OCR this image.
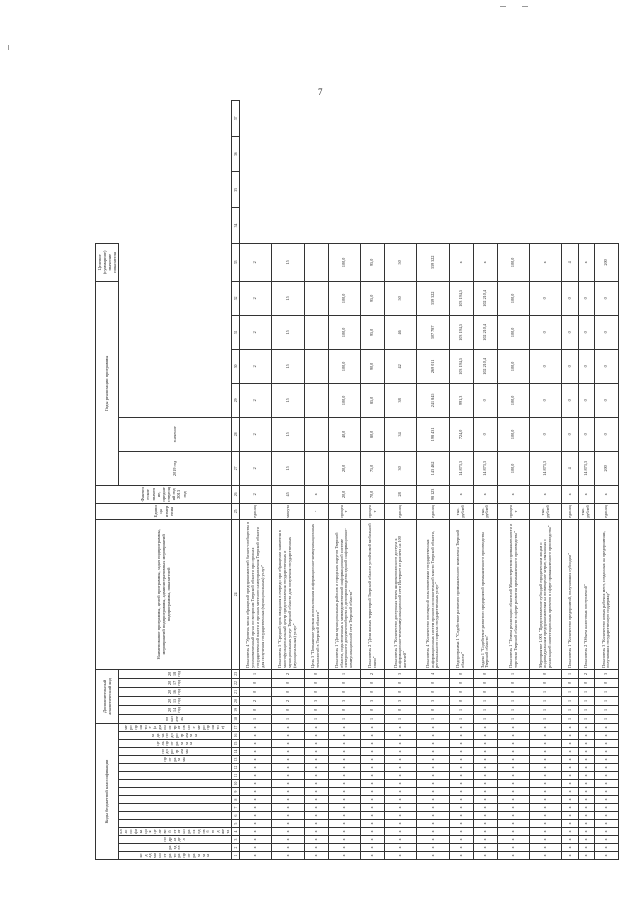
7
Коды бюджетной классификации																	Дополнительный аналитический код						Наименование программы, целей программы, задач подпрограммы, мероприятий подпрограммы, административных мероприятий подпрограммы, показателей	Единица измерения	Фактическое значение, предшествующий год 2013 год	Годы реализации программы						Целевое (суммарное) значение показателя				
код администратора программы	раздел	подраздел	классификация целевой статьи расходов бюджета									программа	подпрограмма	цель программы	задача подпрограммы	мероприятие (административное мероприятие)	показатель	2014 год	2015 год	2016 год	2017 год	2018 год				2019 год	значение									
1	2	3	4	5	6	7	8	9	10	11	12	13	14	15	16	17	18	19	20	21	22	23	24	25	26	27	28	29	30	31	32	33	34	35	36	37
x	x	x	x	x	x	x	x	x	x	x	x	x	x	x	x	x	1	0	2	0	0	1	Показатель 4 "Уровень числа обращений предпринимателей бизнес-сообщества в уполномоченный орган по вопросам Тверской области при органах государственной власти и органах местного самоуправления Тверской области для получения государственных (муниципальных) услуг"	единиц	2	2	2	2	2	2	2	2				
x	x	x	x	x	x	x	x	x	x	x	x	x	x	x	x	x	1	0	2	0	0	2	Показатель 5 "Средний срок ожидания в очереди при обращении заявителя в многофункциональный центр предоставления государственных и муниципальных услуг Тверской области для получения государственных (муниципальных) услуг"	минута	45	15	15	15	15	15	15	15				
x	x	x	x	x	x	x	x	x	x	x	x	x	x	x	x	x	1	0	3	0	0	0	Цель 3 "Повышение уровня использования информационно-коммуникационных технологий в Тверской области"	-	x											
x	x	x	x	x	x	x	x	x	x	x	x	x	x	x	x	x	1	0	3	0	0	1	Показатель 1 "Доля муниципальных районов и городских округов Тверской области, подключенных к межведомственной информационной системе электронного документооборота и делопроизводства единой информационно-коммуникационной сети Тверской области"	процент	20,0	20,0	40,0	100,0	100,0	100,0	100,0	100,0				
x	x	x	x	x	x	x	x	x	x	x	x	x	x	x	x	x	1	0	3	0	0	2	Показатель 2 "Доля жилых территорий Тверской области устойчивой мобильной связи"	процент	70,0	75,0	80,0	85,0	90,0	95,0	95,0	95,0				
x	x	x	x	x	x	x	x	x	x	x	x	x	x	x	x	x	1	0	3	0	0	3	Показатель 3 "Количество доступных точек широкополосного доступа к информационно-телекоммуникационной сети Интернет из расчета на 100 жителей"	единиц	28	30	34	38	42	46	50	50				
x	x	x	x	x	x	x	x	x	x	x	x	x	x	x	x	x	1	0	3	0	0	4	Показатель 4 "Количество посещений пользователями государственных информационных систем органов исполнительной власти Тверской области, регионального портала государственных услуг"	единиц	98 123	143 462	198 431	241 845	269 011	307 787	339 322	339 322				
x	x	x	x	x	x	x	x	x	x	x	x	x	x	x	x	x	1	1	0	0	0	0	Подпрограмма 1 "Содействие развитию промышленного комплекса Тверской области"	тыс. рублей	x	14 873,3	724,0	991,3	103 194,5	103 194,5	103 194,5	x				
x	x	x	x	x	x	x	x	x	x	x	x	x	x	x	x	x	1	1	1	0	0	0	Задача 1 "Содействие развитию предприятий промышленного производства Тверской области"	тыс. рублей	x	14 873,3	0	0	102 210,4	102 210,4	102 210,4	x				
x	x	x	x	x	x	x	x	x	x	x	x	x	x	x	x	x	1	1	1	0	0	1	Показатель 1 "Темпы реализации областной Министерством промышленности и торговли Тверской области в сфере развития промышленного производства"	процент	x	100,0	100,0	100,0	100,0	100,0	100,0	100,0				
x	x	x	x	x	x	x	x	x	x	x	x	x	x	x	x	x	1	1	1	1	0	0	Мероприятие 1.001 "Предоставление субсидий юридическим лицам и индивидуальным предпринимателям на возмещение затрат, связанных с реализацией инвестиционных проектов в сфере промышленного производства"	тыс. рублей	x	14 873,3	0	0	0	0	0	x				
x	x	x	x	x	x	x	x	x	x	x	x	x	x	x	x	x	1	1	1	1	0	1	Показатель 1 "Количество предприятий, получивших субсидии"	единиц	x	4	0	0	0	0	0	4				
x	x	x	x	x	x	x	x	x	x	x	x	x	x	x	x	x	1	1	1	1	0	2	Показатель 2 "Объем налоговых поступлений"	тыс. рублей	x	14 873,3	0	0	0	0	0	x				
x	x	x	x	x	x	x	x	x	x	x	x	x	x	x	x	x	1	1	1	1	0	3	Показатель 3 "Количество новых рабочих мест, созданных на предприятиях, получивших государственную поддержку"	единиц	x	200	0	0	0	0	0	200				
